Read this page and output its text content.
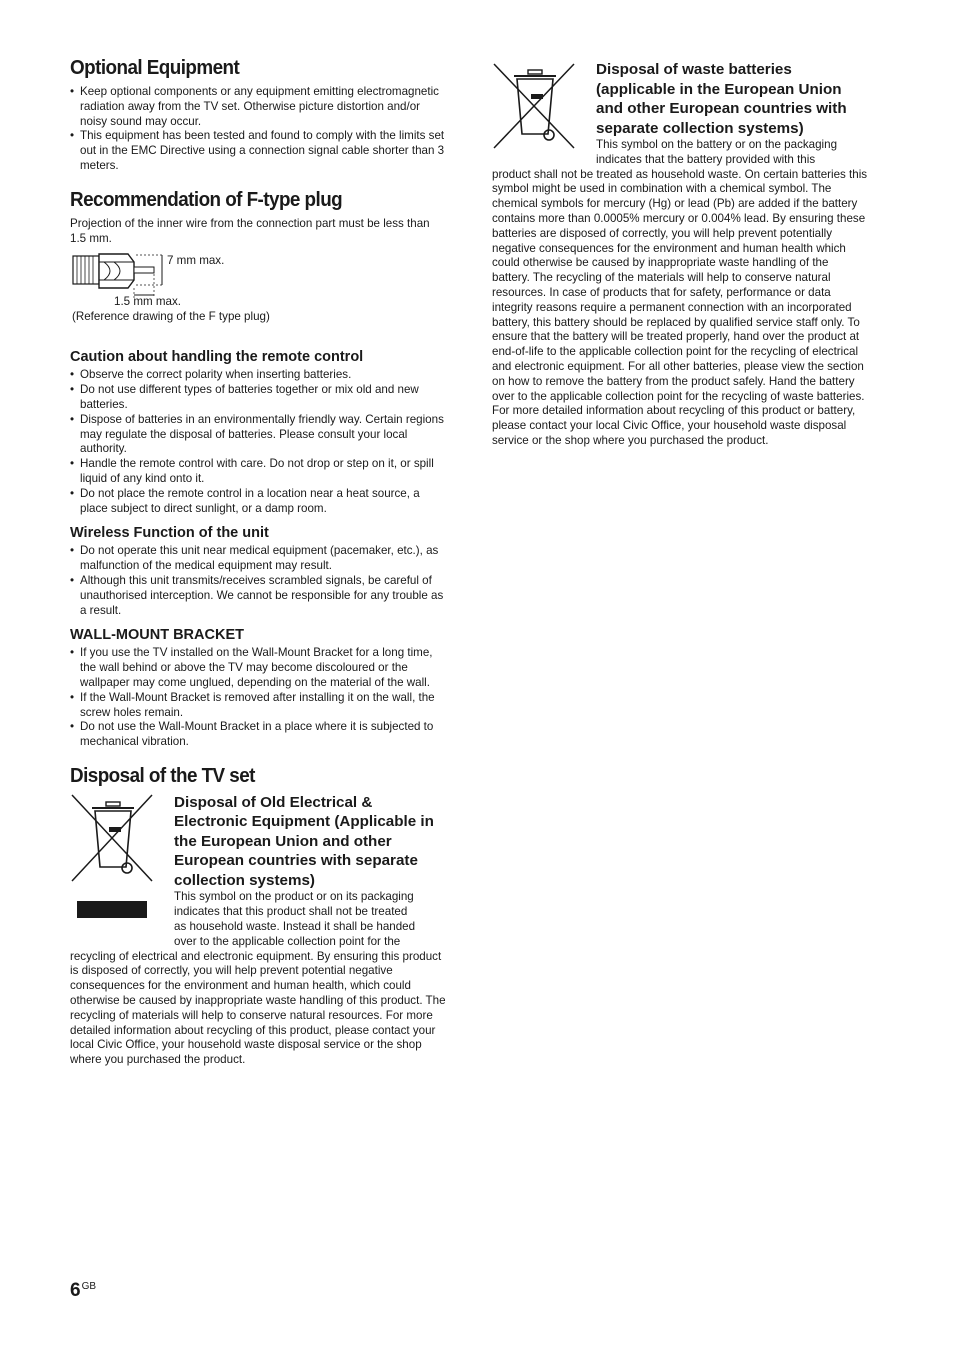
Optional Equipment
• Keep optional components or any equipment emitting electromagnetic radiation away from the TV set. Otherwise picture distortion and/or noisy sound may occur.
• This equipment has been tested and found to comply with the limits set out in the EMC Directive using a connection signal cable shorter than 3 meters.
Recommendation of F-type plug

Projection of the inner wire from the connection part must be less than 1.5 mm.

7 mm max.
1.5 mm max.
(Reference drawing of the F type plug)
Caution about handling the remote control
• Observe the correct polarity when inserting batteries.
• Do not use different types of batteries together or mix old and new batteries.
• Dispose of batteries in an environmentally friendly way. Certain regions may regulate the disposal of batteries. Please consult your local authority.
• Handle the remote control with care. Do not drop or step on it, or spill liquid of any kind onto it.
• Do not place the remote control in a location near a heat source, a place subject to direct sunlight, or a damp room.
Wireless Function of the unit
• Do not operate this unit near medical equipment (pacemaker, etc.), as malfunction of the medical equipment may result.
• Although this unit transmits/receives scrambled signals, be careful of unauthorised interception. We cannot be responsible for any trouble as a result.
WALL-MOUNT BRACKET
• If you use the TV installed on the Wall-Mount Bracket for a long time, the wall behind or above the TV may become discoloured or the wallpaper may come unglued, depending on the material of the wall.
• If the Wall-Mount Bracket is removed after installing it on the wall, the screw holes remain.
• Do not use the Wall-Mount Bracket in a place where it is subjected to mechanical vibration.
Disposal of the TV set
Disposal of Old Electrical & Electronic Equipment (Applicable in the European Union and other European countries with separate collection systems)

This symbol on the product or on its packaging

indicates that this product shall not be treated

as household waste. Instead it shall be handed

over to the applicable collection point for the

recycling of electrical and electronic equipment. By ensuring this product is disposed of correctly, you will help prevent potential negative consequences for the environment and human health, which could otherwise be caused by inappropriate waste handling of this product. The recycling of materials will help to conserve natural resources. For more detailed information about recycling of this product, please contact your local Civic Office, your household waste disposal service or the shop where you purchased the product.

Disposal of waste batteries (applicable in the European Union and other European countries with separate collection systems)

This symbol on the battery or on the packaging

indicates that the battery provided with this

product shall not be treated as household waste. On certain batteries this symbol might be used in combination with a chemical symbol. The chemical symbols for mercury (Hg) or lead (Pb) are added if the battery contains more than 0.0005% mercury or 0.004% lead. By ensuring these batteries are disposed of correctly, you will help prevent potentially negative consequences for the environment and human health which could otherwise be caused by inappropriate waste handling of the battery. The recycling of the materials will help to conserve natural resources. In case of products that for safety, performance or data integrity reasons require a permanent connection with an incorporated battery, this battery should be replaced by qualified service staff only. To ensure that the battery will be treated properly, hand over the product at end-of-life to the applicable collection point for the recycling of electrical and electronic equipment. For all other batteries, please view the section on how to remove the battery from the product safely. Hand the battery over to the applicable collection point for the recycling of waste batteries. For more detailed information about recycling of this product or battery, please contact your local Civic Office, your household waste disposal service or the shop where you purchased the product.

$6^{GB}$
